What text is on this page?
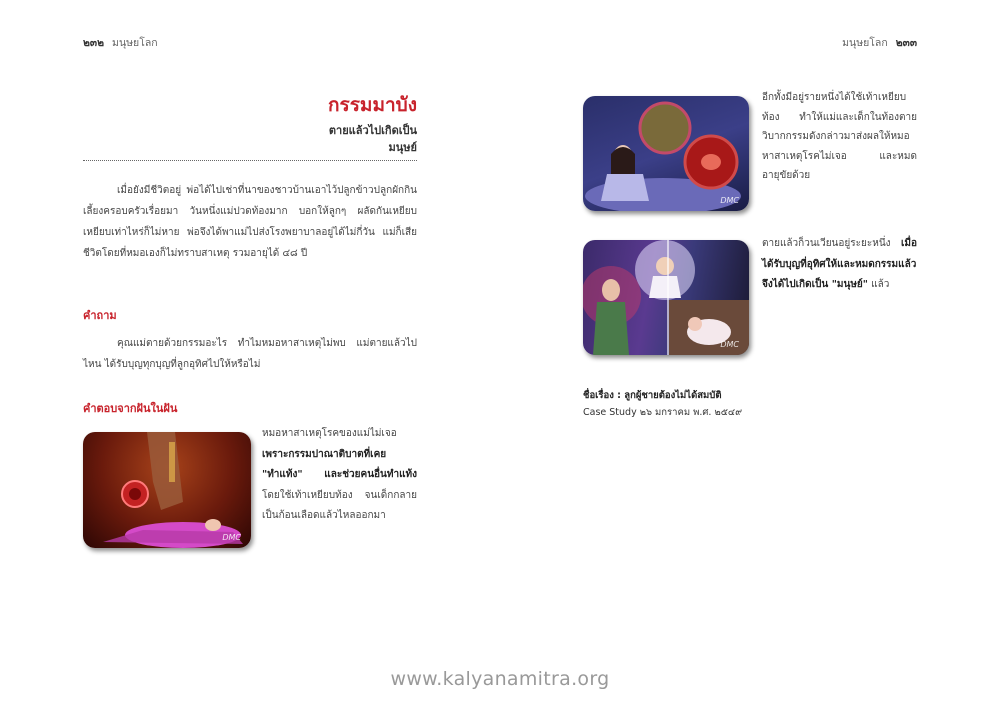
๒๓๒ มนุษยโลก	มนุษยโลก ๒๓๓
กรรมมาบัง
ตายแล้วไปเกิดเป็น
มนุษย์
เมื่อยังมีชีวิตอยู่ พ่อได้ไปเช่าที่นาของชาวบ้านเอาไว้ปลูกข้าวปลูกผักกิน เลี้ยงครอบครัวเรื่อยมา วันหนึ่งแม่ปวดท้องมาก บอกให้ลูกๆ ผลัดกันเหยียบ เหยียบเท่าไหร่ก็ไม่หาย พ่อจึงได้พาแม่ไปส่งโรงพยาบาลอยู่ได้ไม่กี่วัน แม่ก็เสียชีวิตโดยที่หมอเองก็ไม่ทราบสาเหตุ รวมอายุได้ ๔๘ ปี
คำถาม
คุณแม่ตายด้วยกรรมอะไร ทำไมหมอหาสาเหตุไม่พบ แม่ตายแล้วไปไหน ได้รับบุญทุกบุญที่ลูกอุทิศไปให้หรือไม่
คำตอบจากฝันในฝัน
DMC
หมอหาสาเหตุโรคของแม่ไม่เจอ เพราะกรรมปาณาติบาตที่เคย "ทำแท้ง" และช่วยคนอื่นทำแท้ง โดยใช้เท้าเหยียบท้อง จนเด็กกลายเป็นก้อนเลือดแล้วไหลออกมา
DMC
อีกทั้งมีอยู่รายหนึ่งได้ใช้เท้าเหยียบท้อง ทำให้แม่และเด็กในท้องตาย วิบากกรรมดังกล่าวมาส่งผลให้หมอหาสาเหตุโรคไม่เจอ และหมดอายุขัยด้วย
DMC
ตายแล้วก็วนเวียนอยู่ระยะหนึ่ง เมื่อได้รับบุญที่อุทิศให้และหมดกรรมแล้ว จึงได้ไปเกิดเป็น "มนุษย์" แล้ว
ชื่อเรื่อง : ลูกผู้ชายต้องไม่ได้สมบัติ
Case Study ๒๖ มกราคม พ.ศ. ๒๕๔๙
www.kalyanamitra.org
